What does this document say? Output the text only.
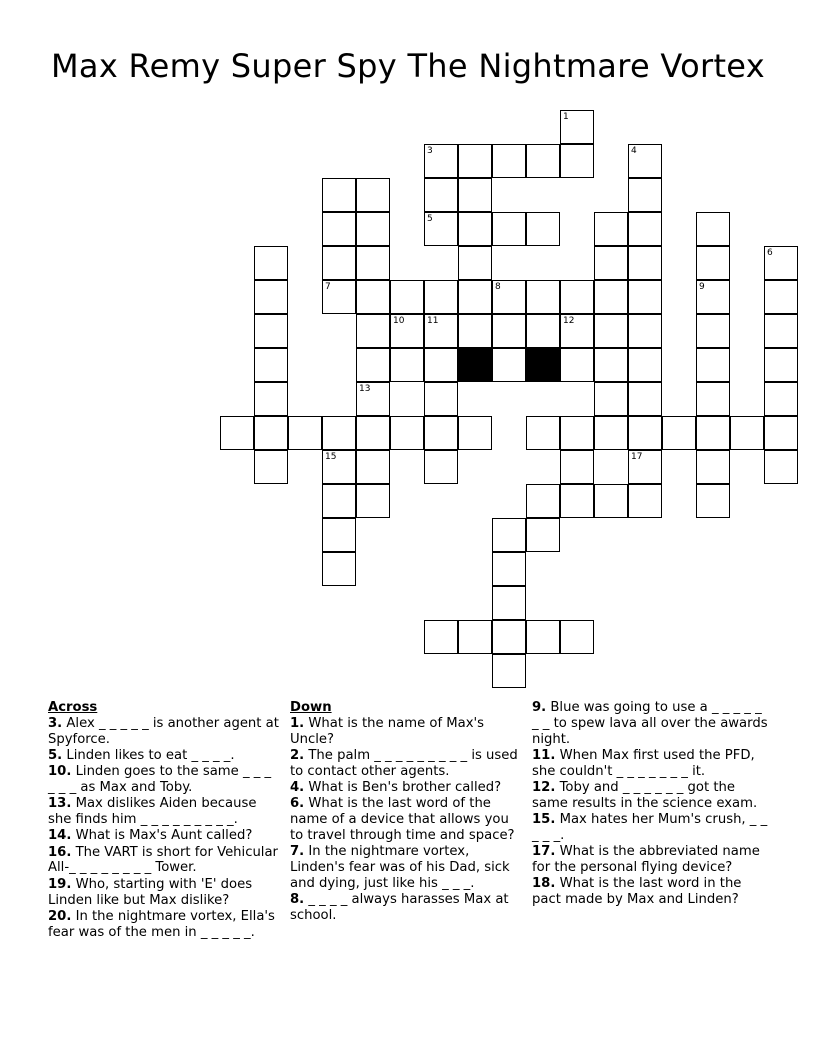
Max Remy Super Spy The Nightmare Vortex
1
3
5
7	8
10	11	12
4
17
6
9
13
15
Across
3. Alex _ _ _ _ _ is another agent at Spyforce.
5. Linden likes to eat _ _ _ _.
10. Linden goes to the same _ _ _ _ _ _ as Max and Toby.
13. Max dislikes Aiden because she finds him _ _ _ _ _ _ _ _ _.
14. What is Max's Aunt called?
16. The VART is short for Vehicular All-_ _ _ _ _ _ _ _ Tower.
19. Who, starting with 'E' does Linden like but Max dislike?
20. In the nightmare vortex, Ella's fear was of the men in _ _ _ _ _.
Down
1. What is the name of Max's Uncle?
2. The palm _ _ _ _ _ _ _ _ _ is used to contact other agents.
4. What is Ben's brother called?
6. What is the last word of the name of a device that allows you to travel through time and space?
7. In the nightmare vortex, Linden's fear was of his Dad, sick and dying, just like his _ _ _.
8. _ _ _ _ always harasses Max at school.
9. Blue was going to use a _ _ _ _ _ _ _ to spew lava all over the awards night.
11. When Max first used the PFD, she couldn't _ _ _ _ _ _ _ it.
12. Toby and _ _ _ _ _ _ got the same results in the science exam.
15. Max hates her Mum's crush, _ _ _ _ _.
17. What is the abbreviated name for the personal flying device?
18. What is the last word in the pact made by Max and Linden?
